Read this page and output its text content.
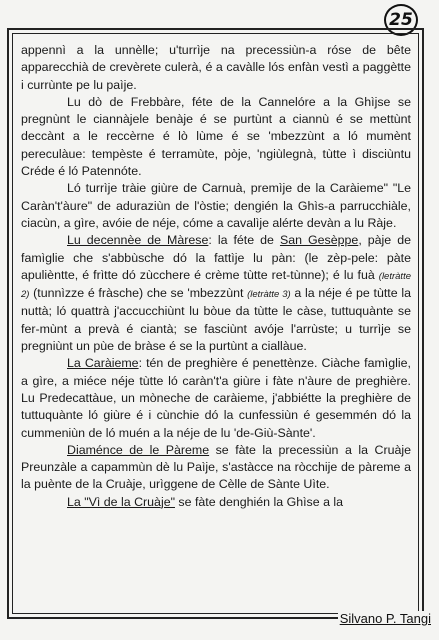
25

appennì a la unnèlle; u'turrìje na precessiùn-a róse de bête apparecchià de crevèrete culerà, é a cavàlle lós enfàn vestì a paggètte i currùnte pe lu paìje.

Lu dò de Frebbàre, féte de la Cannelóre a la Ghìjse se pregnùnt le ciannàjele benàje é se purtùnt a ciannù é se mettùnt deccànt a le reccèrne é lò lùme é se 'mbezzùnt a ló mumènt pereculàue: tempèste é terramùte, pòje, 'ngiùlegnà, tùtte ì disciùntu Créde é ló Patennóte.

Ló turrìje tràie giùre de Carnuà, premìje de la Caràieme" "Le Caràn't'àure" de aduraziùn de l'òstie; dengién la Ghìs-a parrucchiàle, ciacùn, a gìre, avóie de néje, cóme a cavalìje alérte devàn a lu Ràje.

Lu decennèe de Màrese: la féte de San Gesèppe, pàje de famìglie che s'abbùsche dó la fattìje lu pàn: (le zèp-pele: pàte apulièntte, é frìtte dó zùcchere é crème tùtte ret-tùnne); é lu fuà (letràtte 2) (tunnìzze é fràsche) che se 'mbezzùnt (letràtte 3) a la néje é pe tùtte la nuttà; ló quattrà j'accucchiùnt lu bòue da tùtte le càse, tuttuquànte se fer-mùnt a prevà é ciantà; se fasciùnt avóje l'arrùste; u turrìje se pregniùnt un pùe de bràse é se la purtùnt a ciallàue.

La Caràieme: tén de preghière é penettènze. Ciàche famìglie, a gìre, a miéce néje tùtte ló caràn't'a giùre i fàte n'àure de preghière. Lu Predecattàue, un mòneche de caràieme, j'abbiétte la preghière de tuttuquànte ló giùre é i cùnchie dó la cunfessiùn é gesemmén dó la cummeniùn de ló muén a la néje de lu 'de-Giù-Sànte'.

Diaménce de le Pàreme se fàte la precessiùn a la Cruàje Preunzàle a capammùn dè lu Paìje, s'astàcce na ròcchije de pàreme a la puènte de la Cruàje, urìggene de Cèlle de Sànte Uìte.

La "Vì de la Cruàje" se fàte denghién la Ghìse a la

Silvano P. Tangi
